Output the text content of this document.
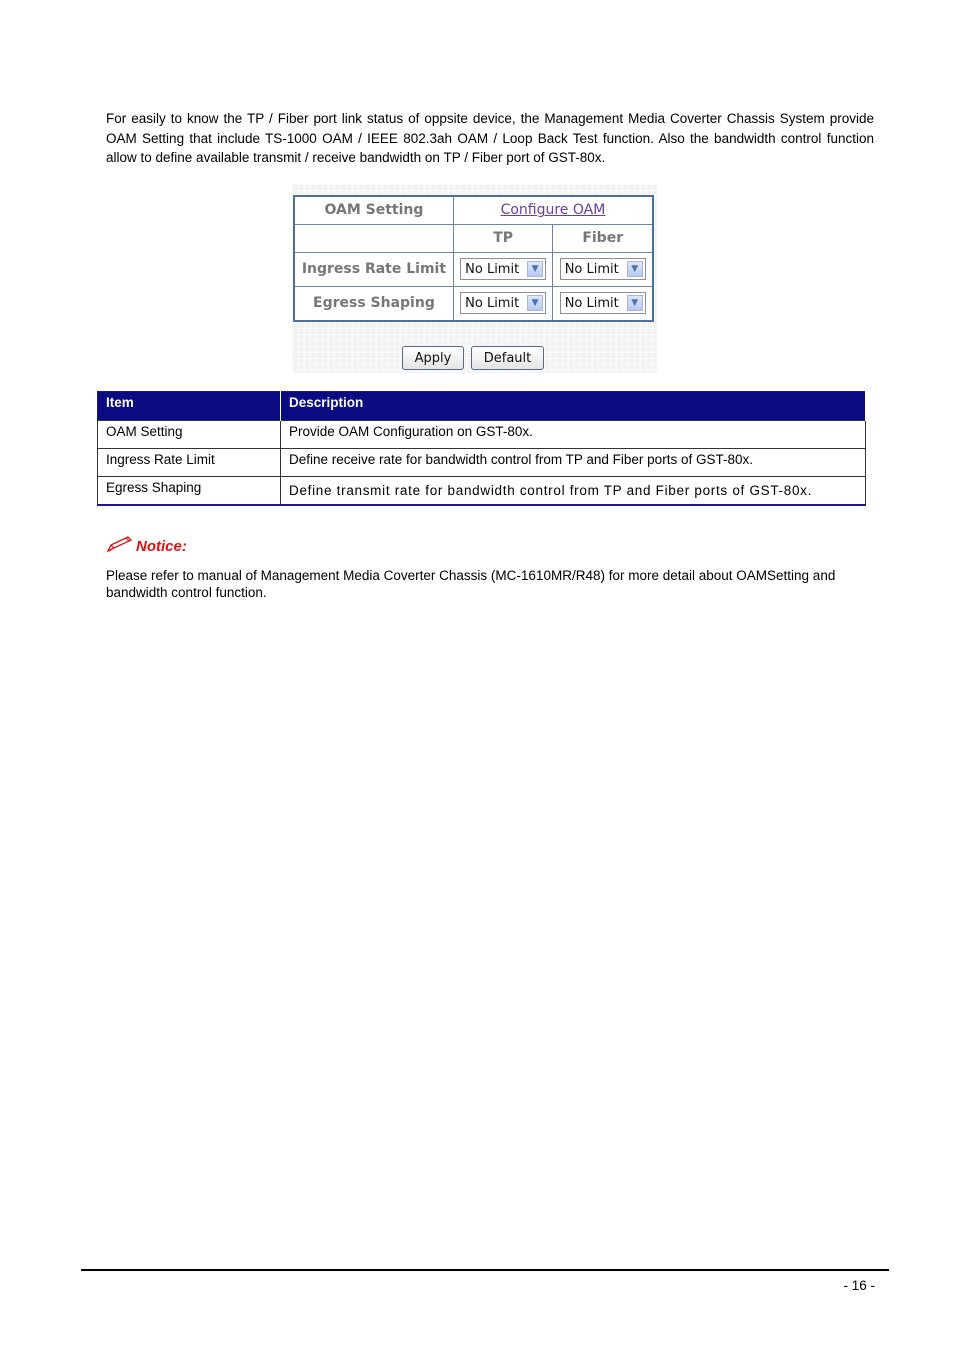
For easily to know the TP / Fiber port link status of oppsite device, the Management Media Coverter Chassis System provide OAM Setting that include TS-1000 OAM / IEEE 802.3ah OAM / Loop Back Test function. Also the bandwidth control function allow to define available transmit / receive bandwidth on TP / Fiber port of GST-80x.

OAM Setting	Configure OAM	
	TP	Fiber
Ingress Rate Limit	No Limit ▼	No Limit ▼

Egress Shaping	No Limit ▼	No Limit ▼
Apply	Default
Item	Description
OAM Setting	Provide OAM Configuration on GST-80x.
Ingress Rate Limit	Define receive rate for bandwidth control from TP and Fiber ports of GST-80x.
Egress Shaping	Define transmit rate for bandwidth control from TP and Fiber ports of GST-80x.
Notice:

Please refer to manual of Management Media Coverter Chassis (MC-1610MR/R48) for more detail about OAMSetting and bandwidth control function.

- 16 -
